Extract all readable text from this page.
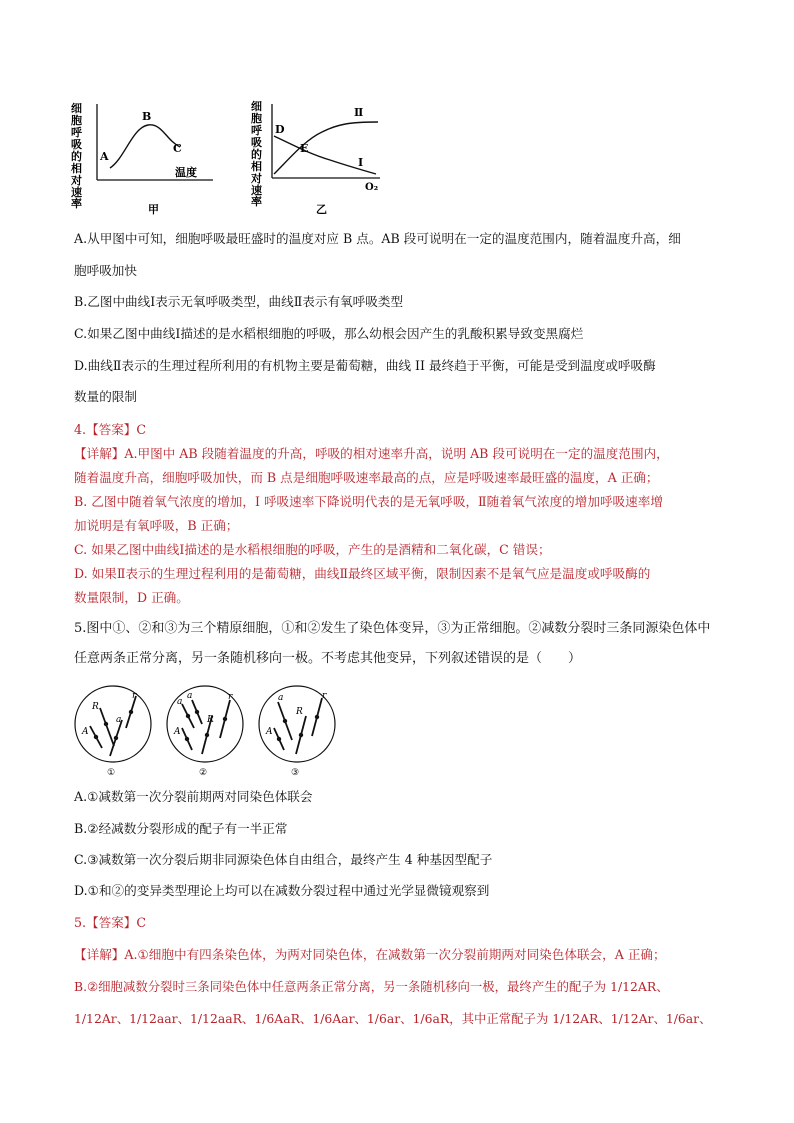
细
胞
呼
吸
的
相
对
速
率
A
B
C
温度
甲
细
胞
呼
吸
的
相
对
速
率
D
E
Ⅱ
I
O₂
乙
A.从甲图中可知，细胞呼吸最旺盛时的温度对应 B 点。AB 段可说明在一定的温度范围内，随着温度升高，细
胞呼吸加快
B.乙图中曲线Ⅰ表示无氧呼吸类型，曲线Ⅱ表示有氧呼吸类型
C.如果乙图中曲线Ⅰ描述的是水稻根细胞的呼吸，那么幼根会因产生的乳酸积累导致变黑腐烂
D.曲线Ⅱ表示的生理过程所利用的有机物主要是葡萄糖，曲线 II 最终趋于平衡，可能是受到温度或呼吸酶
数量的限制
4.【答案】C
【详解】A.甲图中 AB 段随着温度的升高，呼吸的相对速率升高，说明 AB 段可说明在一定的温度范围内，
随着温度升高，细胞呼吸加快，而 B 点是细胞呼吸速率最高的点，应是呼吸速率最旺盛的温度，A 正确；
B. 乙图中随着氧气浓度的增加，I 呼吸速率下降说明代表的是无氧呼吸，Ⅱ随着氧气浓度的增加呼吸速率增
加说明是有氧呼吸，B 正确；
C. 如果乙图中曲线Ⅰ描述的是水稻根细胞的呼吸，产生的是酒精和二氧化碳，C 错误；
D. 如果Ⅱ表示的生理过程利用的是葡萄糖，曲线Ⅱ最终区域平衡，限制因素不是氧气应是温度或呼吸酶的
数量限制，D 正确。
5.图中①、②和③为三个精原细胞，①和②发生了染色体变异，③为正常细胞。②减数分裂时三条同源染色体中
任意两条正常分离，另一条随机移向一极。不考虑其他变异，下列叙述错误的是（　　）
R
A
a
r
①
a
a
R
A
r
②
a
R
A
r
③
A.①减数第一次分裂前期两对同染色体联会
B.②经减数分裂形成的配子有一半正常
C.③减数第一次分裂后期非同源染色体自由组合，最终产生 4 种基因型配子
D.①和②的变异类型理论上均可以在减数分裂过程中通过光学显微镜观察到
5.【答案】C
【详解】A.①细胞中有四条染色体，为两对同染色体，在减数第一次分裂前期两对同染色体联会，A 正确；
B.②细胞减数分裂时三条同染色体中任意两条正常分离，另一条随机移向一极，最终产生的配子为 1/12AR、
1/12Ar、1/12aar、1/12aaR、1/6AaR、1/6Aar、1/6ar、1/6aR，其中正常配子为 1/12AR、1/12Ar、1/6ar、
